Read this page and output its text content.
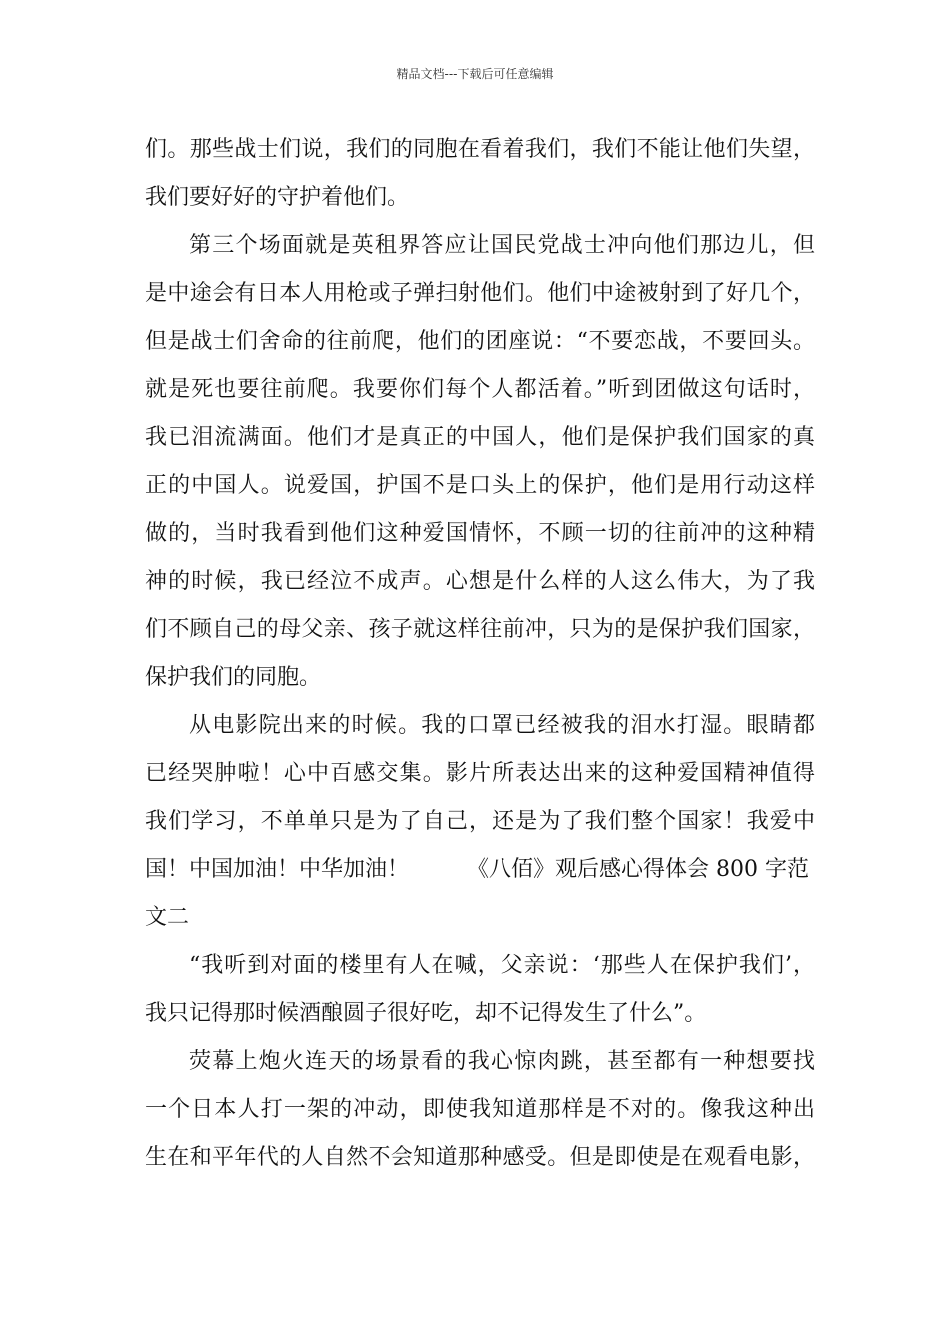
精品文档---下载后可任意编辑
们。那些战士们说，我们的同胞在看着我们，我们不能让他们失望，
我们要好好的守护着他们。
第三个场面就是英租界答应让国民党战士冲向他们那边儿，但
是中途会有日本人用枪或子弹扫射他们。他们中途被射到了好几个，
但是战士们舍命的往前爬，他们的团座说：“不要恋战，不要回头。
就是死也要往前爬。我要你们每个人都活着。”听到团做这句话时，
我已泪流满面。他们才是真正的中国人，他们是保护我们国家的真
正的中国人。说爱国，护国不是口头上的保护，他们是用行动这样
做的，当时我看到他们这种爱国情怀，不顾一切的往前冲的这种精
神的时候，我已经泣不成声。心想是什么样的人这么伟大，为了我
们不顾自己的母父亲、孩子就这样往前冲，只为的是保护我们国家，
保护我们的同胞。
从电影院出来的时候。我的口罩已经被我的泪水打湿。眼睛都
已经哭肿啦！心中百感交集。影片所表达出来的这种爱国精神值得
我们学习，不单单只是为了自己，还是为了我们整个国家！我爱中
国！中国加油！中华加油！	《八佰》观后感心得体会 800 字范
文二
“我听到对面的楼里有人在喊，父亲说：‘那些人在保护我们’，
我只记得那时候酒酿圆子很好吃，却不记得发生了什么”。
荧幕上炮火连天的场景看的我心惊肉跳，甚至都有一种想要找
一个日本人打一架的冲动，即使我知道那样是不对的。像我这种出
生在和平年代的人自然不会知道那种感受。但是即使是在观看电影，
